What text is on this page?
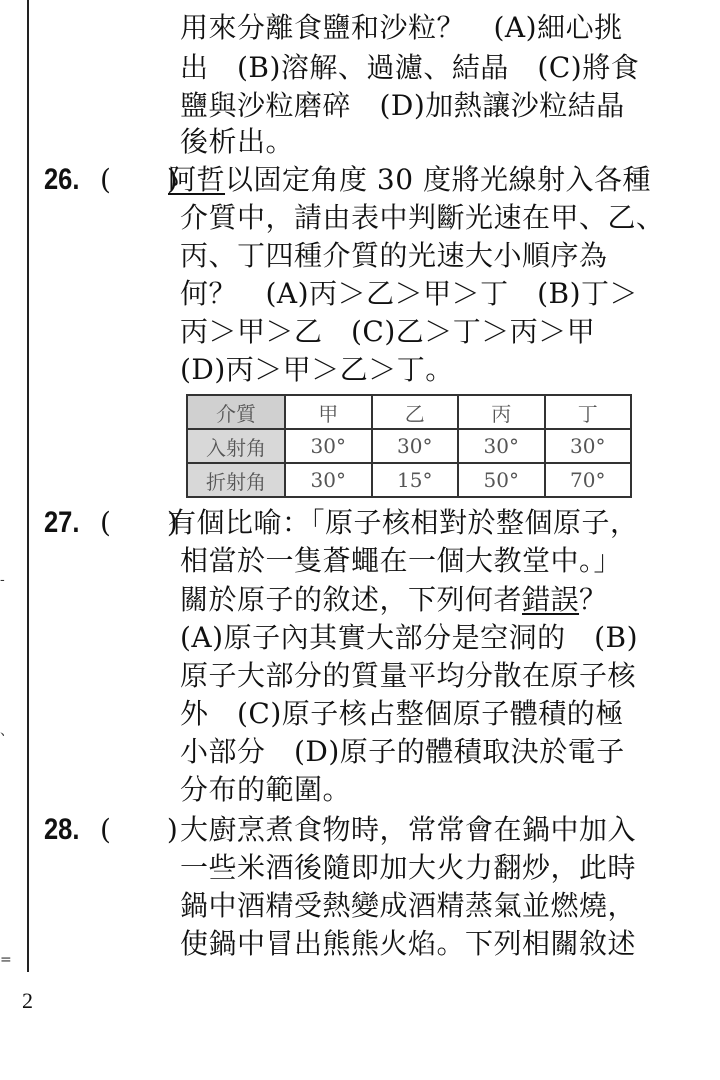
-
、
=
用來分離食鹽和沙粒？　(A)細心挑
出　(B)溶解、過濾、結晶　(C)將食
鹽與沙粒磨碎　(D)加熱讓沙粒結晶
後析出。
26. (　　)
阿哲以固定角度 30 度將光線射入各種
介質中，請由表中判斷光速在甲、乙、
丙、丁四種介質的光速大小順序為
何？　(A)丙＞乙＞甲＞丁　(B)丁＞
丙＞甲＞乙　(C)乙＞丁＞丙＞甲
(D)丙＞甲＞乙＞丁。
介質	甲	乙	丙	丁
入射角	30°	30°	30°	30°
折射角	30°	15°	50°	70°
27. (　　)
有個比喻：「原子核相對於整個原子，
相當於一隻蒼蠅在一個大教堂中。」
關於原子的敘述，下列何者錯誤？
(A)原子內其實大部分是空洞的　(B)
原子大部分的質量平均分散在原子核
外　(C)原子核占整個原子體積的極
小部分　(D)原子的體積取決於電子
分布的範圍。
28. (　　) 大廚烹煮食物時，常常會在鍋中加入
一些米酒後隨即加大火力翻炒，此時
鍋中酒精受熱變成酒精蒸氣並燃燒，
使鍋中冒出熊熊火焰。下列相關敘述
2
